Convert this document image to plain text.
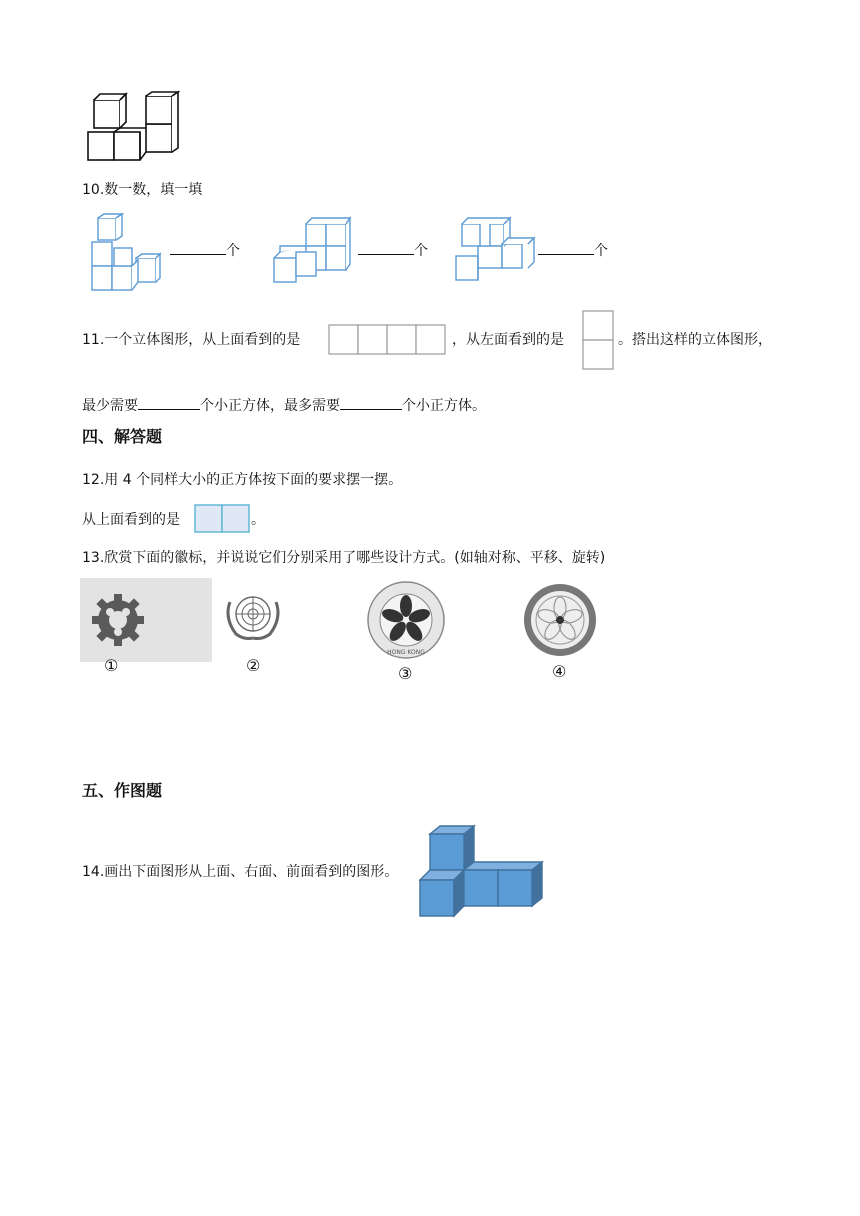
10.数一数，填一填
个	个	个
11.一个立体图形，从上面看到的是	，从左面看到的是	。搭出这样的立体图形，
最少需要	个小正方体，最多需要	个小正方体。
四、解答题
12.用 4 个同样大小的正方体按下面的要求摆一摆。
从上面看到的是	。
13.欣赏下面的徽标，并说说它们分别采用了哪些设计方式。(如轴对称、平移、旋转)
①	②
HONG KONG
③	④
五、作图题
14.画出下面图形从上面、右面、前面看到的图形。
